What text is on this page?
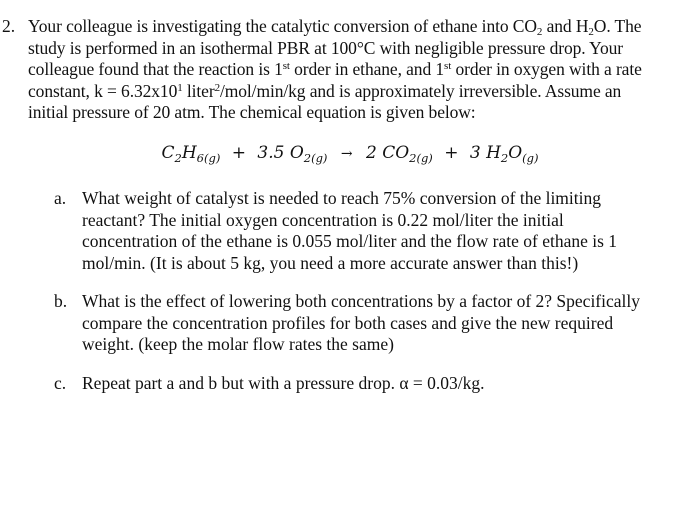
2. Your colleague is investigating the catalytic conversion of ethane into $CO_2$ and $H_2O$. The
study is performed in an isothermal PBR at 100°C with negligible pressure drop. Your
colleague found that the reaction is 1st order in ethane, and 1st order in oxygen with a rate
constant, $k = 6.32x10^1$ liter$^2$/mol/min/kg and is approximately irreversible. Assume an
initial pressure of 20 atm. The chemical equation is given below:
$C_2H_{6(g)} + 3.5$ $O_{2(g)} \to 2$ $CO_{2(g)} + 3$ $H_2O_{(g)}$
a. What weight of catalyst is needed to reach 75% conversion of the limiting
reactant? The initial oxygen concentration is 0.22 mol/liter the initial
concentration of the ethane is 0.055 mol/liter and the flow rate of ethane is 1
mol/min. (It is about 5 kg, you need a more accurate answer than this!)
b. What is the effect of lowering both concentrations by a factor of 2? Specifically
compare the concentration profiles for both cases and give the new required
weight. (keep the molar flow rates the same)
c. Repeat part a and b but with a pressure drop. α = 0.03/kg.
